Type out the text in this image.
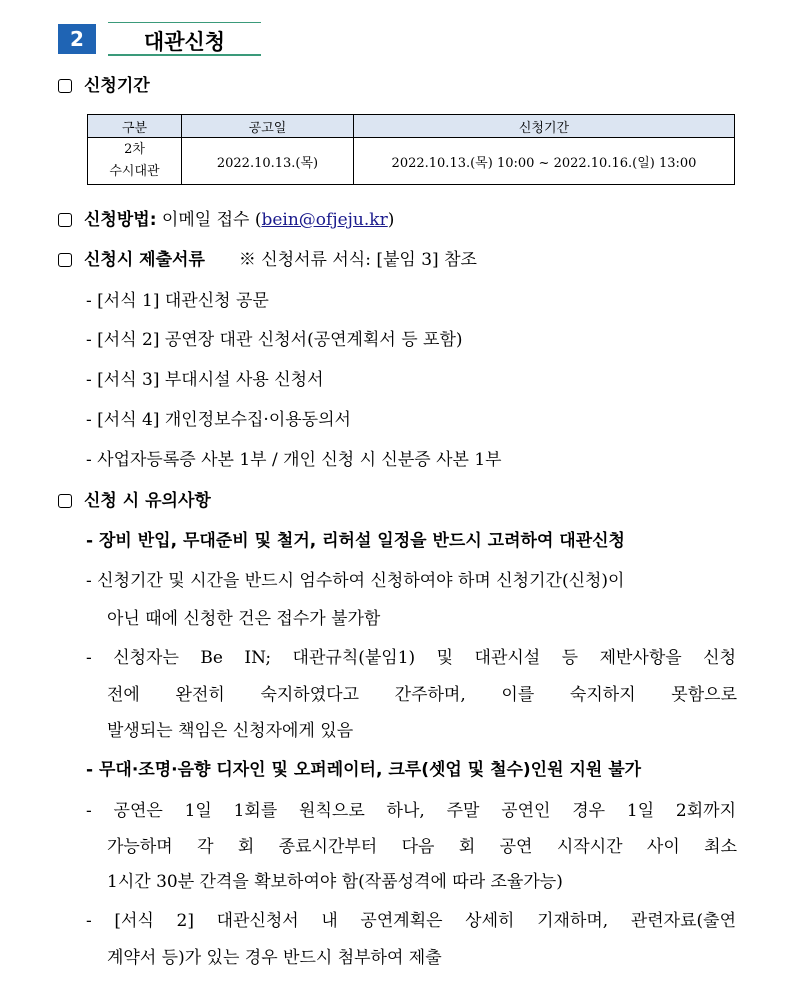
2	대관신청
신청기간
구분	공고일	신청기간
2차
수시대관	2022.10.13.(목)	2022.10.13.(목) 10:00 ~ 2022.10.16.(일) 13:00
신청방법: 이메일 접수 (bein@ofjeju.kr)
신청시 제출서류 ※ 신청서류 서식: [붙임 3] 참조
- [서식 1] 대관신청 공문
- [서식 2] 공연장 대관 신청서(공연계획서 등 포함)
- [서식 3] 부대시설 사용 신청서
- [서식 4] 개인정보수집·이용동의서
- 사업자등록증 사본 1부 / 개인 신청 시 신분증 사본 1부
신청 시 유의사항
- 장비 반입, 무대준비 및 철거, 리허설 일정을 반드시 고려하여 대관신청
- 신청기간 및 시간을 반드시 엄수하여 신청하여야 하며 신청기간(신청)이
아닌 때에 신청한 건은 접수가 불가함
- 신청자는 Be IN; 대관규칙(붙임1) 및 대관시설 등 제반사항을 신청
전에 완전히 숙지하였다고 간주하며, 이를 숙지하지 못함으로
발생되는 책임은 신청자에게 있음
- 무대·조명·음향 디자인 및 오퍼레이터, 크루(셋업 및 철수)인원 지원 불가
- 공연은 1일 1회를 원칙으로 하나, 주말 공연인 경우 1일 2회까지
가능하며 각 회 종료시간부터 다음 회 공연 시작시간 사이 최소
1시간 30분 간격을 확보하여야 함(작품성격에 따라 조율가능)
- [서식 2] 대관신청서 내 공연계획은 상세히 기재하며, 관련자료(출연
계약서 등)가 있는 경우 반드시 첨부하여 제출
